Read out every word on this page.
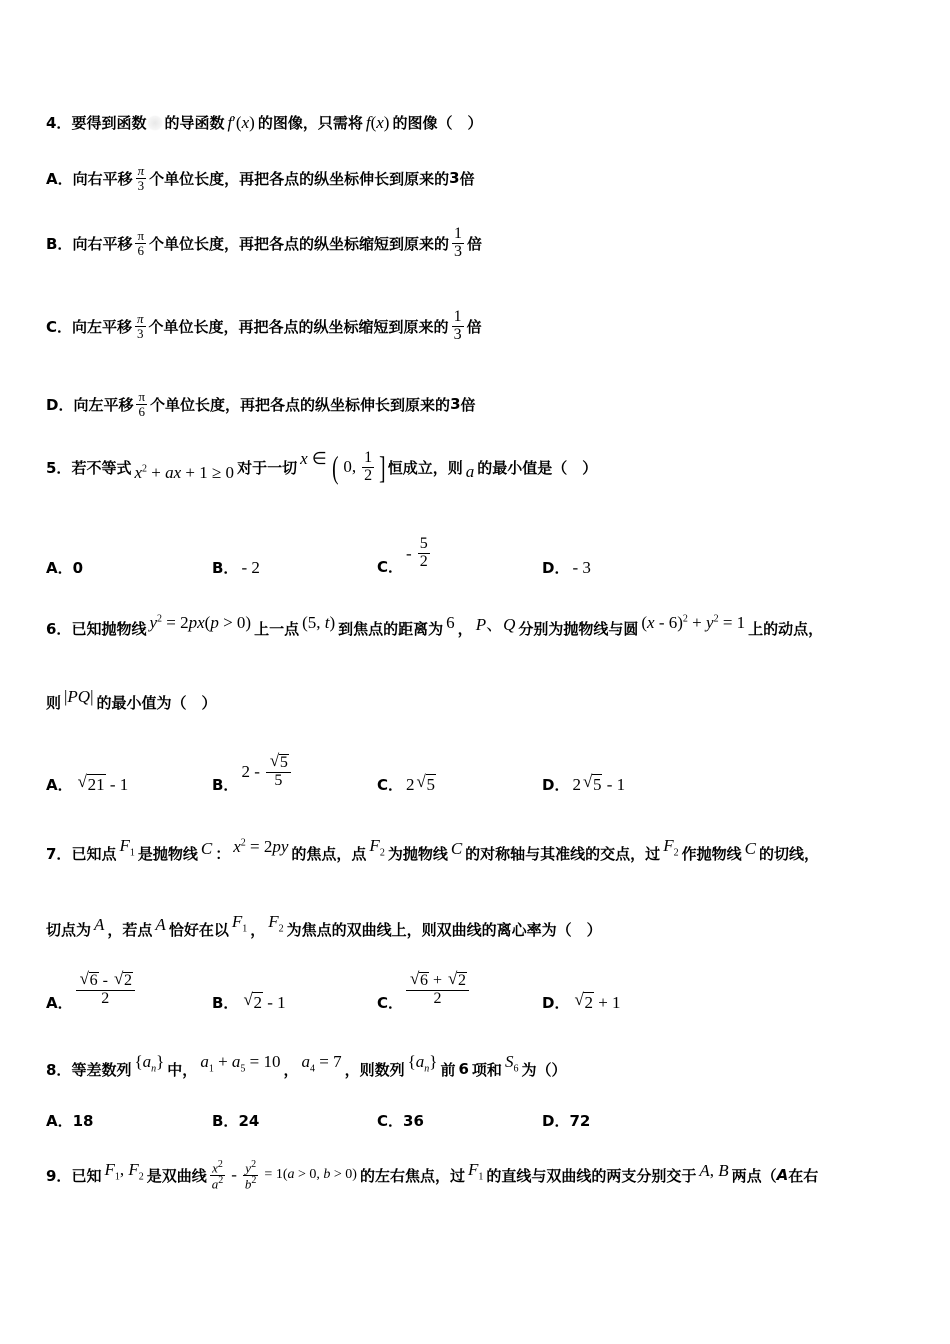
4． 要得到函数 的导函数 f′(x) 的图像，只需将 f(x) 的图像（　）
A． 向右平移 $\frac{\pi}{3}$ 个单位长度，再把各点的纵坐标伸长到原来的 3 倍
B． 向右平移 $\frac{\pi}{6}$ 个单位长度，再把各点的纵坐标缩短到原来的 $\frac{1}{3}$ 倍
C． 向左平移 $\frac{\pi}{3}$ 个单位长度，再把各点的纵坐标缩短到原来的 $\frac{1}{3}$ 倍
D． 向左平移 $\frac{\pi}{6}$ 个单位长度，再把各点的纵坐标伸长到原来的 3 倍
5． 若不等式 $x^2$ + ax + 1 ≥ 0 对于一切 x ∈ ( 0, $\frac{1}{2}$ ] 恒成立，则 a 的最小值是（　）
A． 0	B． - 2	C．
- $\frac{5}{2}$	D． - 3
6． 已知抛物线 $y^2 = 2px(p > 0)$ 上一点 (5, t) 到焦点的距离为 6 ， P、Q 分别为抛物线与圆 $(x - 6)^2 + y^2 = 1$ 上的动点，
则 |PQ| 的最小值为（　）
A． √ 21 - 1	B．
2 - √ $\frac{5}{5}$	C． 2 √ 5	D． 2 √ 5 - 1
7． 已知点 $F_1$ 是抛物线 C ： $x^2 = 2py$ 的焦点，点 $F_2$ 为抛物线 C 的对称轴与其准线的交点，过 $F_2$ 作抛物线 C 的切线，
切点为 A ，若点 A 恰好在以 $F_1$ ， $F_2$ 为焦点的双曲线上，则双曲线的离心率为（　）
A． √ $\frac{6 - √ 2}{2}$	B． √ 2 - 1	C． √ $\frac{6 + √ 2}{2}$	D． √ 2 + 1
8． 等差数列 $\{a_n\}$ 中， $a_1 + a_5 = 10$ ， $a_4 = 7$ ，则数列 $\{a_n\}$ 前 6 项和 $S_6$ 为（）
A． 18	B． 24	C． 36	D． 72
9． 已知 $F_1$, $F_2$ 是双曲线 $\frac{x^2}{a^2} - \frac{y^2}{b^2} = 1(a > 0$, b > 0) 的左右焦点，过 $F_1$ 的直线与双曲线的两支分别交于 A, B 两点（ A 在右
